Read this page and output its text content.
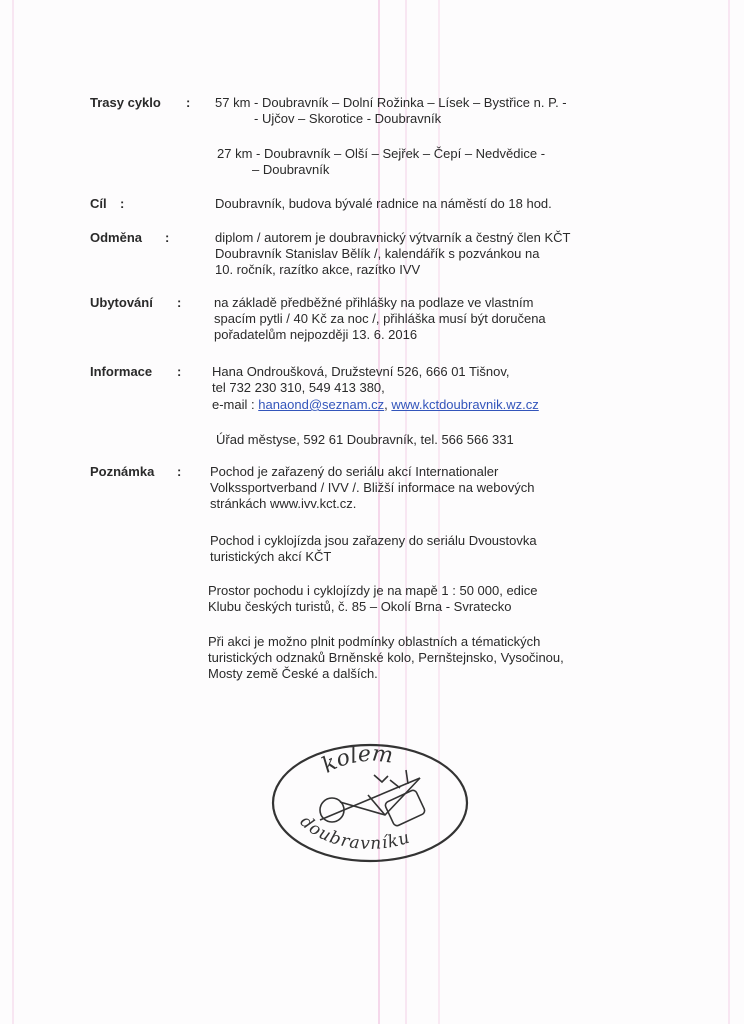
Trasy cyklo : 57 km - Doubravník – Dolní Rožinka – Lísek – Bystřice n. P. -
- Ujčov – Skorotice - Doubravník
27 km - Doubravník – Olší – Sejřek – Čepí – Nedvědice -
– Doubravník
Cíl :	Doubravník, budova bývalé radnice na náměstí do 18 hod.
Odměna :	diplom / autorem je doubravnický výtvarník a čestný člen KČT
Doubravník Stanislav Bělík /, kalendářík s pozvánkou na
10. ročník, razítko akce, razítko IVV
Ubytování :	na základě předběžné přihlášky na podlaze ve vlastním
spacím pytli / 40 Kč za noc /, přihláška musí být doručena
pořadatelům nejpozději 13. 6. 2016
Informace : Hana Ondroušková, Družstevní 526, 666 01 Tišnov,
tel 732 230 310, 549 413 380,
e-mail : hanaond@seznam.cz, www.kctdoubravnik.wz.cz
Úřad městyse, 592 61 Doubravník, tel. 566 566 331
Poznámka : Pochod je zařazený do seriálu akcí Internationaler
Volkssportverband / IVV /. Bližší informace na webových
stránkách www.ivv.kct.cz.
Pochod i cyklojízda jsou zařazeny do seriálu Dvoustovka
turistických akcí KČT
Prostor pochodu i cyklojízdy je na mapě 1 : 50 000, edice
Klubu českých turistů, č. 85 – Okolí Brna - Svratecko
Při akci je možno plnit podmínky oblastních a tématických
turistických odznaků Brněnské kolo, Pernštejnsko, Vysočinou,
Mosty země České a dalších.
kolem
doubravníku
